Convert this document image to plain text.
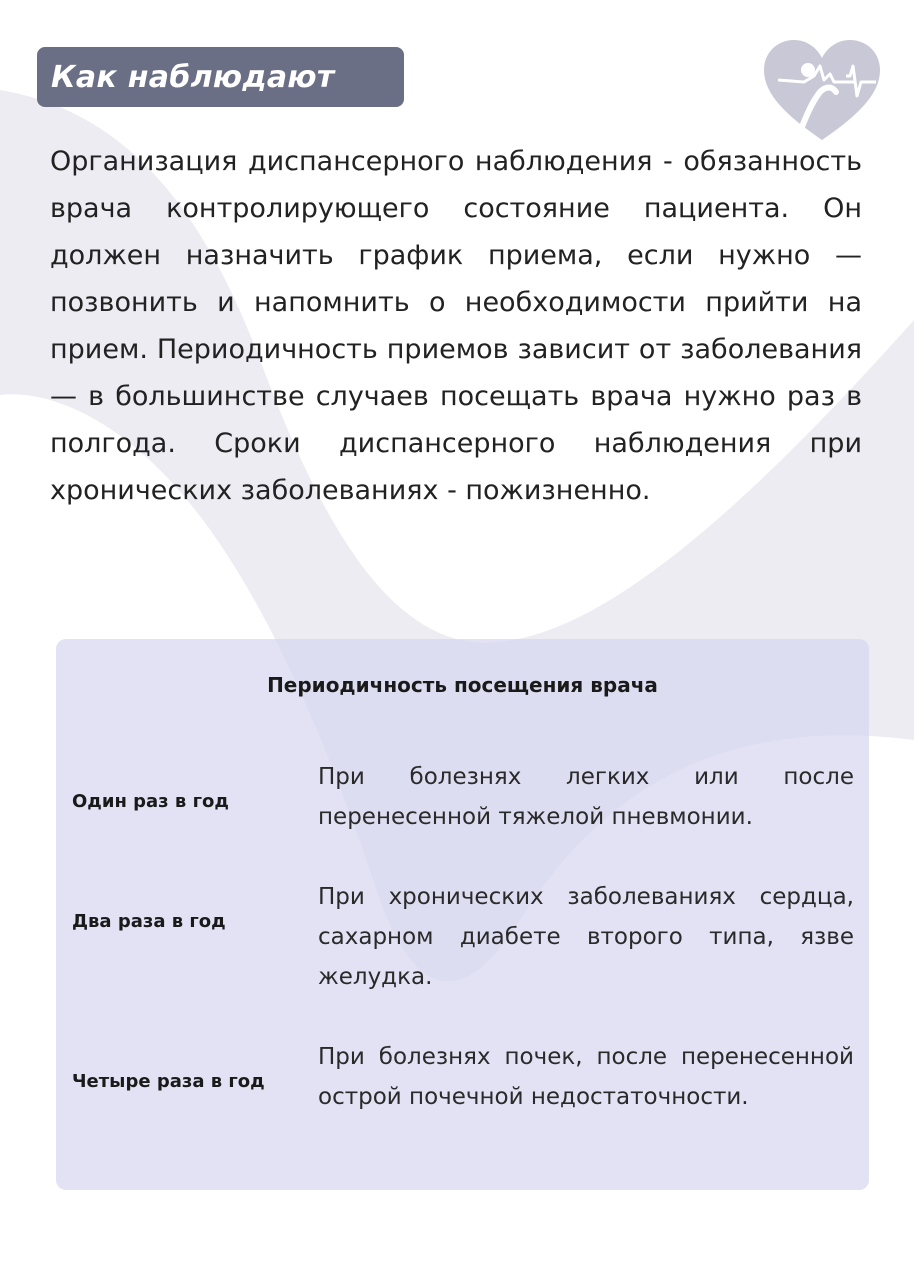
Как наблюдают
Организация диспансерного наблюдения - обязанность врача контролирующего состояние пациента. Он должен назначить график приема, если нужно — позвонить и напомнить о необходимости прийти на прием. Периодичность приемов зависит от заболевания — в большинстве случаев посещать врача нужно раз в полгода. Сроки диспансерного наблюдения при хронических заболеваниях - пожизненно.
Периодичность посещения врача
Один раз в год
При болезнях легких или после перенесенной тяжелой пневмонии.
Два раза в год
При хронических заболеваниях сердца, сахарном диабете второго типа, язве желудка.
Четыре раза в год
При болезнях почек, после перенесенной острой почечной недостаточности.
